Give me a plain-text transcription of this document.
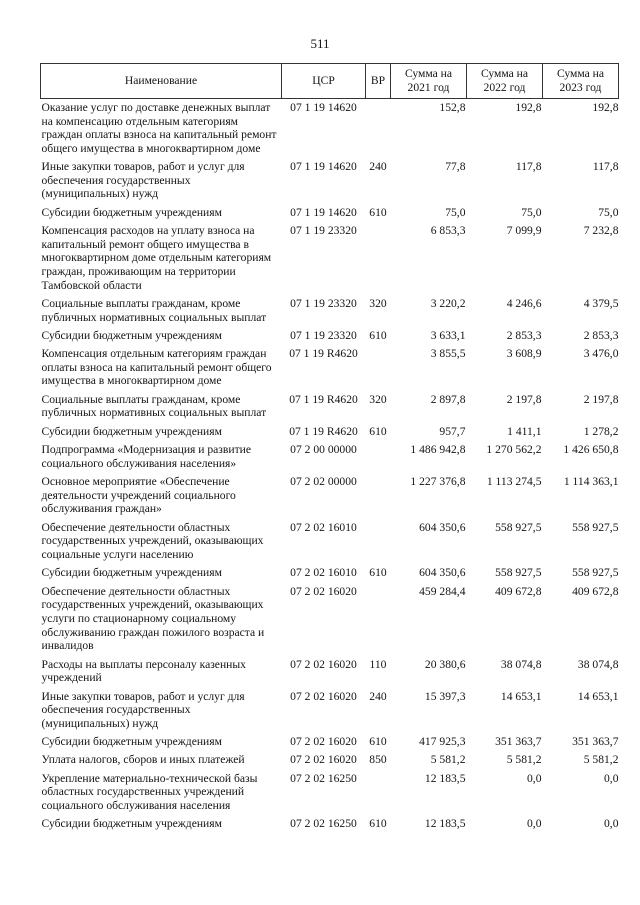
511
Наименование	ЦСР	ВР	Сумма на 2021 год	Сумма на 2022 год	Сумма на 2023 год
Оказание услуг по доставке денежных выплат на компенсацию отдельным категориям граждан оплаты взноса на капитальный ремонт общего имущества в многоквартирном доме	07 1 19 14620		152,8	192,8	192,8
Иные закупки товаров, работ и услуг для обеспечения государственных (муниципальных) нужд	07 1 19 14620	240	77,8	117,8	117,8
Субсидии бюджетным учреждениям	07 1 19 14620	610	75,0	75,0	75,0
Компенсация расходов на уплату взноса на капитальный ремонт общего имущества в многоквартирном доме отдельным категориям граждан, проживающим на территории Тамбовской области	07 1 19 23320		6 853,3	7 099,9	7 232,8
Социальные выплаты гражданам, кроме публичных нормативных социальных выплат	07 1 19 23320	320	3 220,2	4 246,6	4 379,5
Субсидии бюджетным учреждениям	07 1 19 23320	610	3 633,1	2 853,3	2 853,3
Компенсация отдельным категориям граждан оплаты взноса на капитальный ремонт общего имущества в многоквартирном доме	07 1 19 R4620		3 855,5	3 608,9	3 476,0
Социальные выплаты гражданам, кроме публичных нормативных социальных выплат	07 1 19 R4620	320	2 897,8	2 197,8	2 197,8
Субсидии бюджетным учреждениям	07 1 19 R4620	610	957,7	1 411,1	1 278,2
Подпрограмма «Модернизация и развитие социального обслуживания населения»	07 2 00 00000		1 486 942,8	1 270 562,2	1 426 650,8
Основное мероприятие «Обеспечение деятельности учреждений социального обслуживания граждан»	07 2 02 00000		1 227 376,8	1 113 274,5	1 114 363,1
Обеспечение деятельности областных государственных учреждений, оказывающих социальные услуги населению	07 2 02 16010		604 350,6	558 927,5	558 927,5
Субсидии бюджетным учреждениям	07 2 02 16010	610	604 350,6	558 927,5	558 927,5
Обеспечение деятельности областных государственных учреждений, оказывающих услуги по стационарному социальному обслуживанию граждан пожилого возраста и инвалидов	07 2 02 16020		459 284,4	409 672,8	409 672,8
Расходы на выплаты персоналу казенных учреждений	07 2 02 16020	110	20 380,6	38 074,8	38 074,8
Иные закупки товаров, работ и услуг для обеспечения государственных (муниципальных) нужд	07 2 02 16020	240	15 397,3	14 653,1	14 653,1
Субсидии бюджетным учреждениям	07 2 02 16020	610	417 925,3	351 363,7	351 363,7
Уплата налогов, сборов и иных платежей	07 2 02 16020	850	5 581,2	5 581,2	5 581,2
Укрепление материально-технической базы областных государственных учреждений социального обслуживания населения	07 2 02 16250		12 183,5	0,0	0,0
Субсидии бюджетным учреждениям	07 2 02 16250	610	12 183,5	0,0	0,0
